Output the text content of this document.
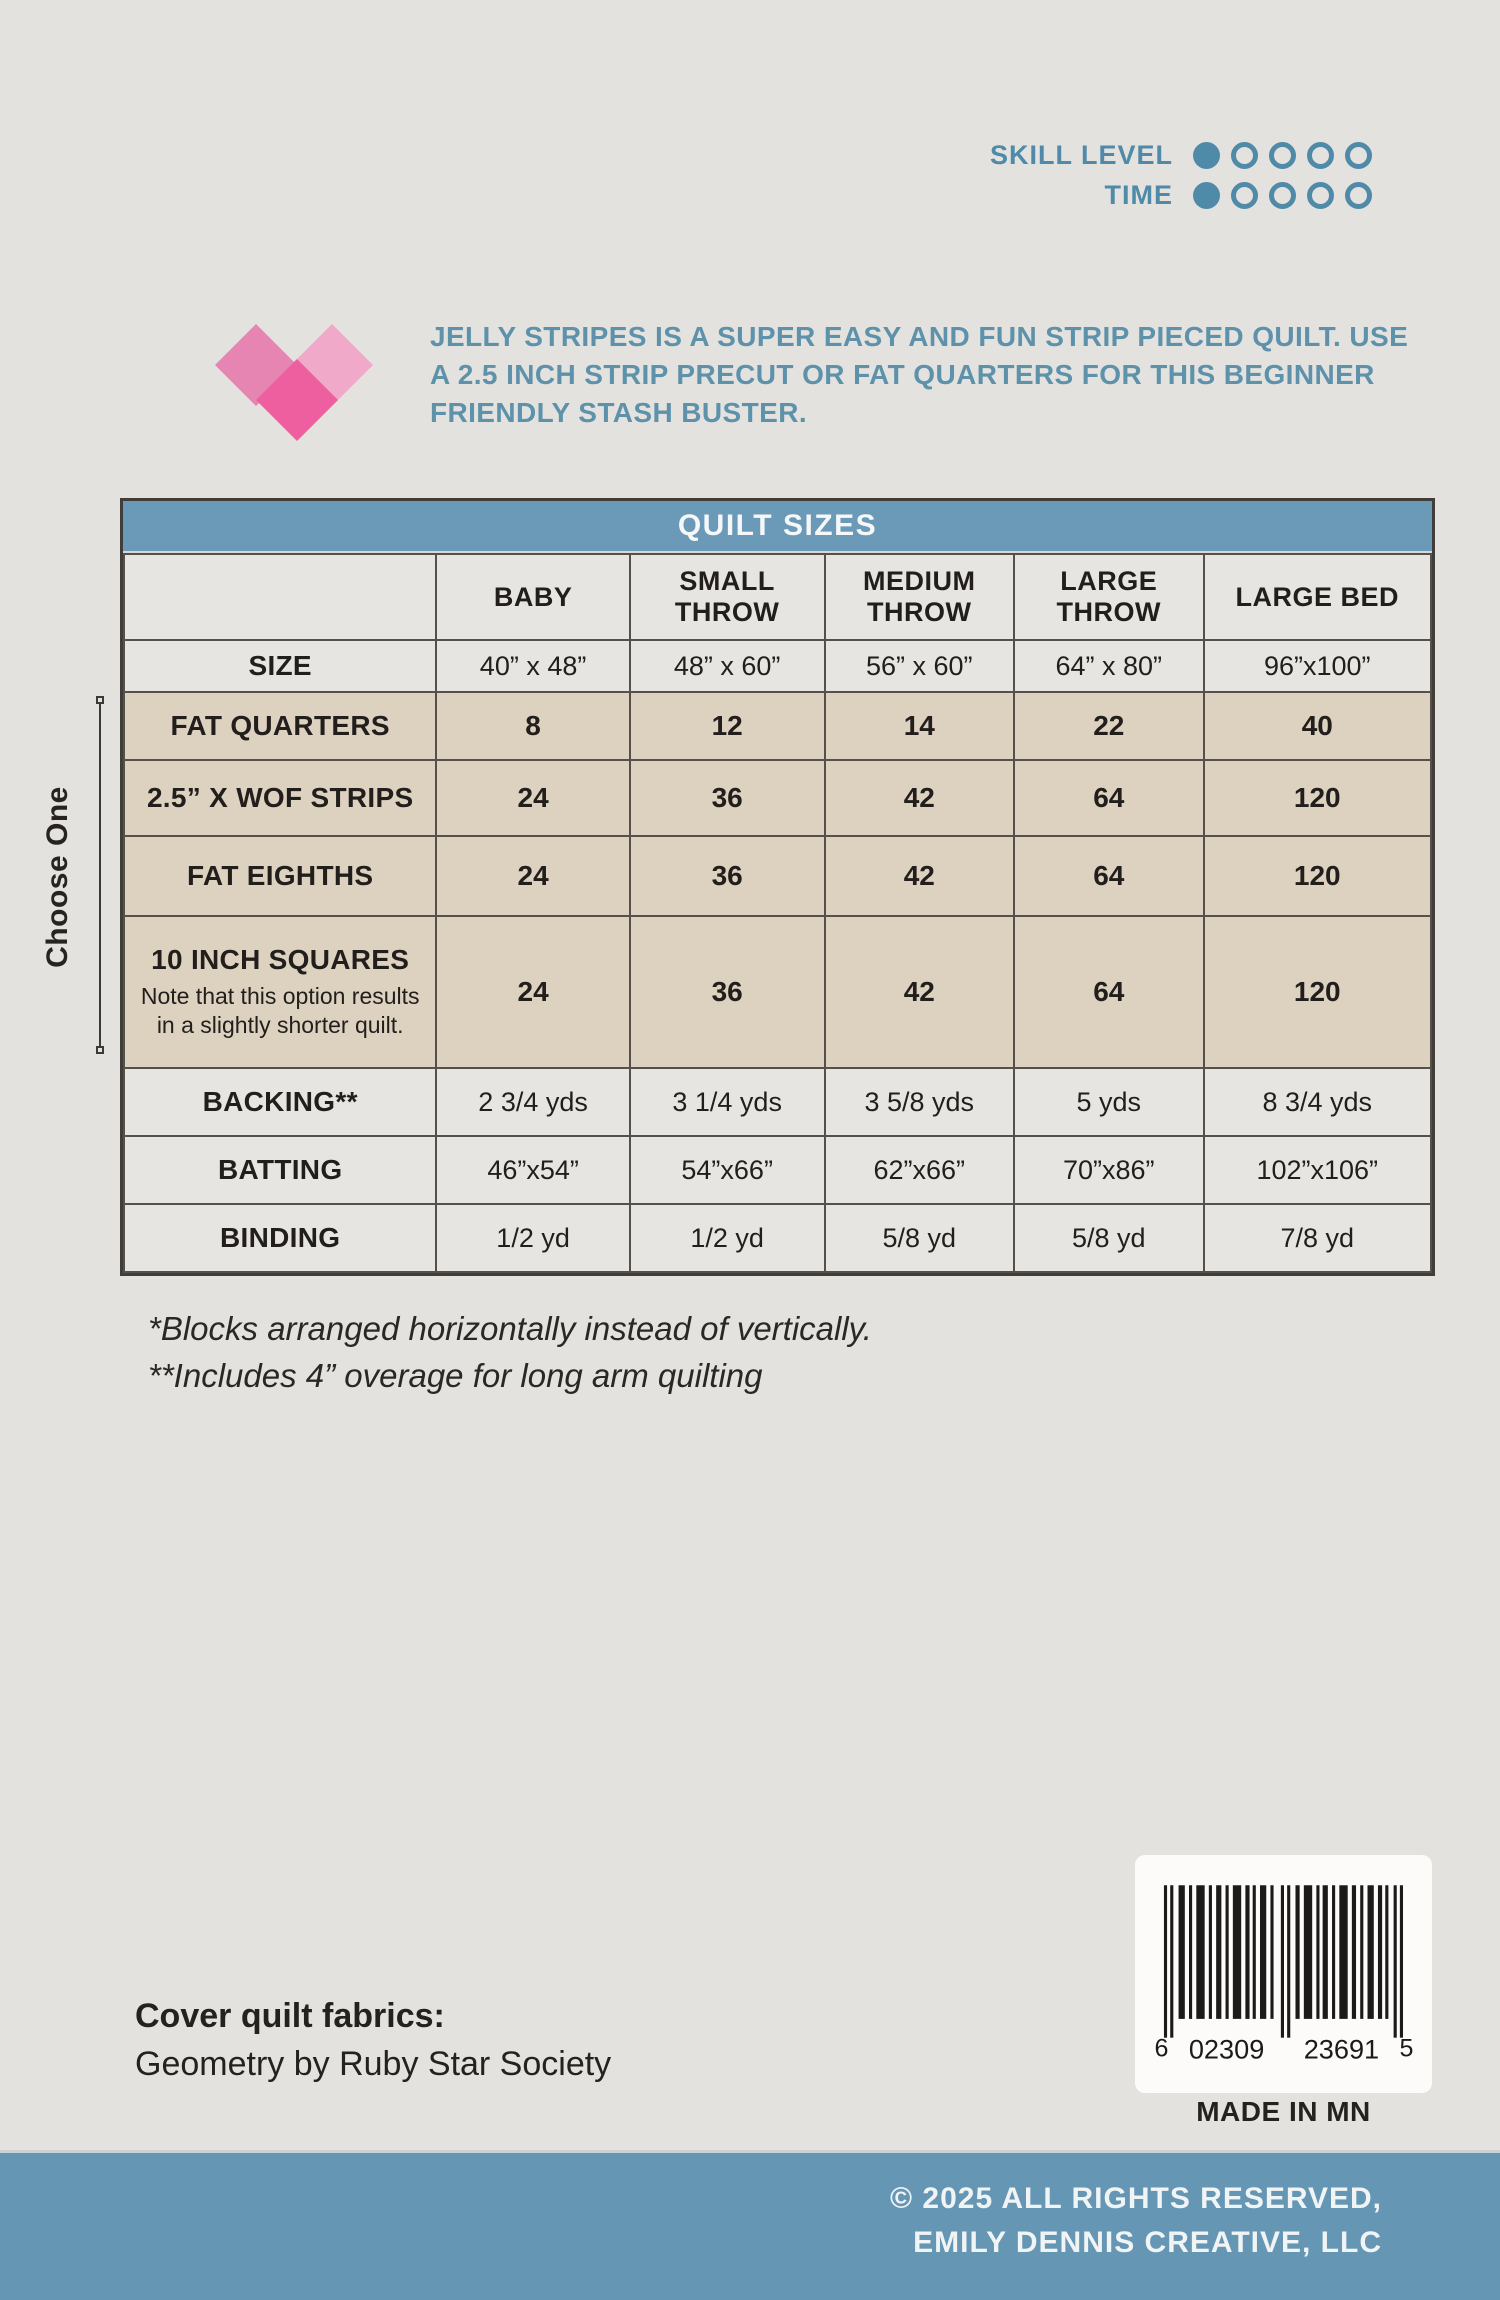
SKILL LEVEL
TIME
JELLY STRIPES IS A SUPER EASY AND FUN STRIP PIECED QUILT. USE A 2.5 INCH STRIP PRECUT OR FAT QUARTERS FOR THIS BEGINNER FRIENDLY STASH BUSTER.
Choose One
QUILT SIZES
	BABY	SMALL THROW	MEDIUM THROW	LARGE THROW	LARGE BED

SIZE	40” x 48”	48” x 60”	56” x 60”	64” x 80”	96”x100”

FAT QUARTERS	8	12	14	22	40

2.5” X WOF STRIPS	24	36	42	64	120

FAT EIGHTHS	24	36	42	64	120

10 INCH SQUARES
Note that this option results in a slightly shorter quilt.	24	36	42	64	120

BACKING**	2 3/4 yds	3 1/4 yds	3 5/8 yds	5 yds	8 3/4 yds

BATTING	46”x54”	54”x66”	62”x66”	70”x86”	102”x106”

BINDING	1/2 yd	1/2 yd	5/8 yd	5/8 yd	7/8 yd
*Blocks arranged horizontally instead of vertically.
**Includes 4” overage for long arm quilting
Cover quilt fabrics:
Geometry by Ruby Star Society	6 02309 23691 5
MADE IN MN
© 2025 ALL RIGHTS RESERVED,
EMILY DENNIS CREATIVE, LLC
